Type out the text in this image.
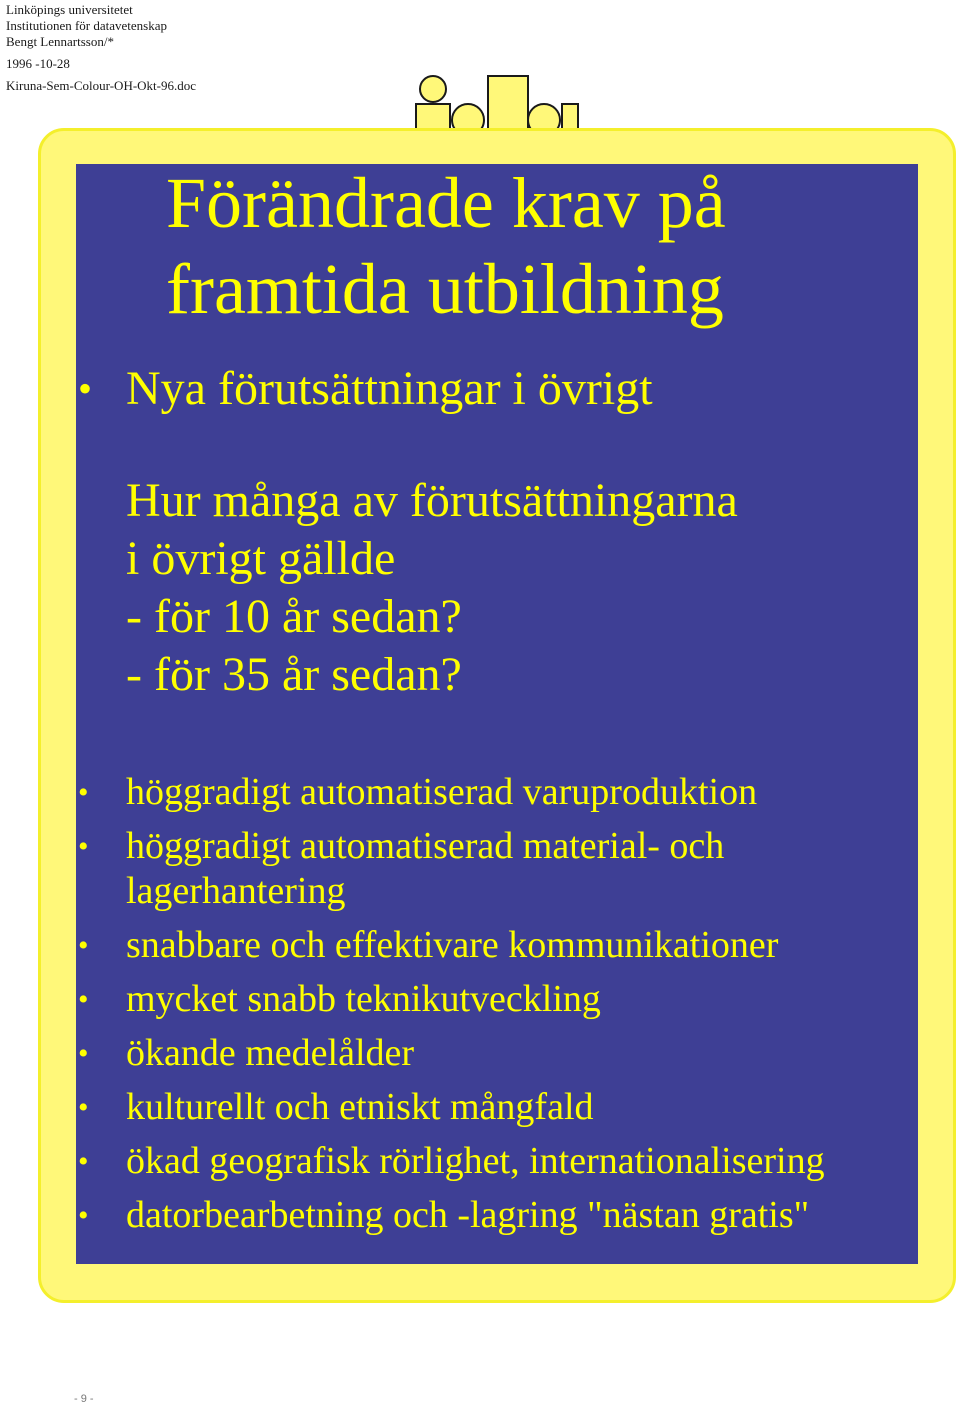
Linköpings universitetet
Institutionen för datavetenskap
Bengt Lennartsson/*
1996 -10-28
Kiruna-Sem-Colour-OH-Okt-96.doc
Förändrade krav på
framtida utbildning
• Nya förutsättningar i övrigt
Hur många av förutsättningarna
i övrigt gällde
- för 10 år sedan?
- för 35 år sedan?
• höggradigt automatiserad varuproduktion
• höggradigt automatiserad material- och
lagerhantering
• snabbare och effektivare kommunikationer
• mycket snabb teknikutveckling
• ökande medelålder
• kulturellt och etniskt mångfald
• ökad geografisk rörlighet, internationalisering
• datorbearbetning och -lagring "nästan gratis"
- 9 -
